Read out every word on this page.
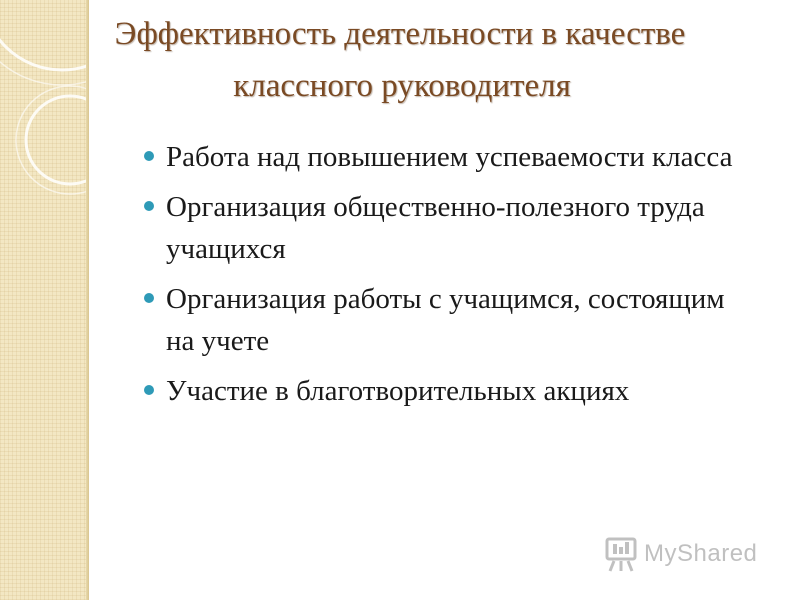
Эффективность деятельности в качестве
классного руководителя
Работа над повышением успеваемости класса
Организация общественно-полезного труда учащихся
Организация работы с учащимся, состоящим на учете
Участие в благотворительных акциях
MyShared
